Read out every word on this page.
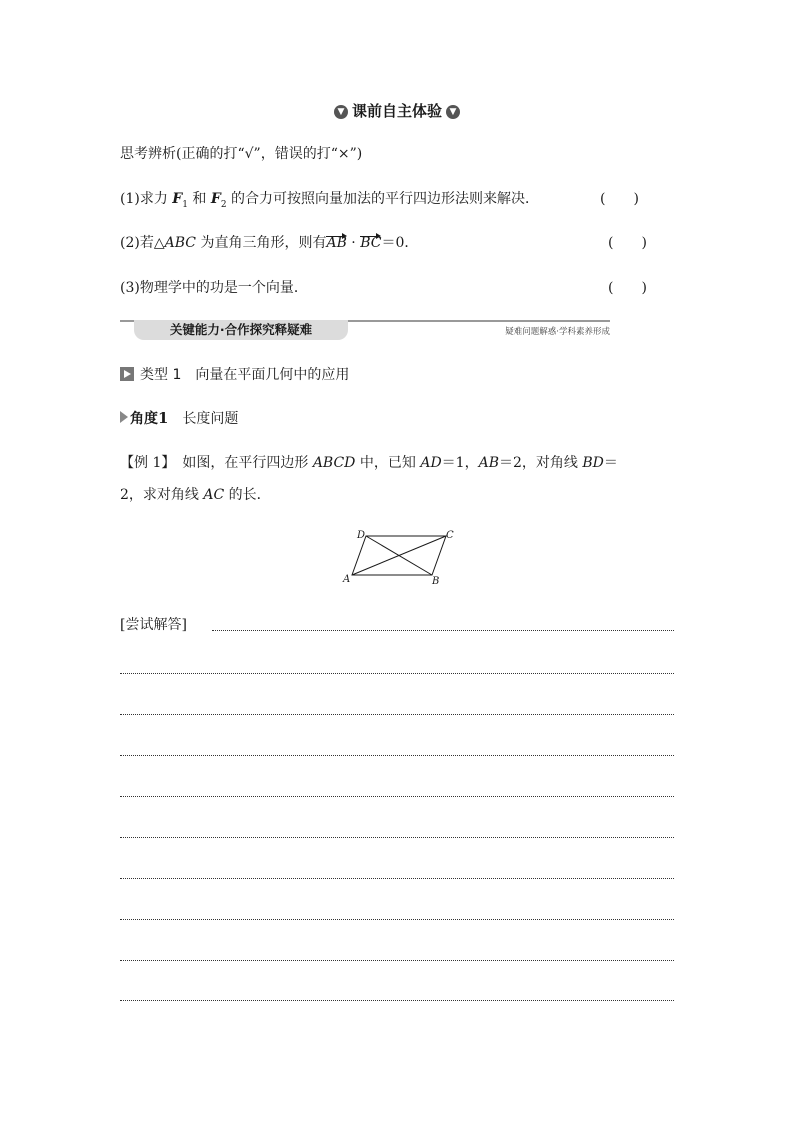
▼ 课前自主体验 ▼
思考辨析(正确的打“√”，错误的打“×”)
(1)求力 $F_1$ 和 $F_2$ 的合力可按照向量加法的平行四边形法则来解决．	(　　)
(2)若△ABC 为直角三角形，则有AB · BC＝0．	(　　)
(3)物理学中的功是一个向量．	(　　)
关键能力·合作探究释疑难	疑难问题解惑·学科素养形成
类型 1　 向量在平面几何中的应用
角度1　 长度问题
【例 1】　 如图，在平行四边形 ABCD 中，已知 AD＝1，AB＝2，对角线 BD＝
2，求对角线 AC 的长．
D	C
A	B
[尝试解答]
